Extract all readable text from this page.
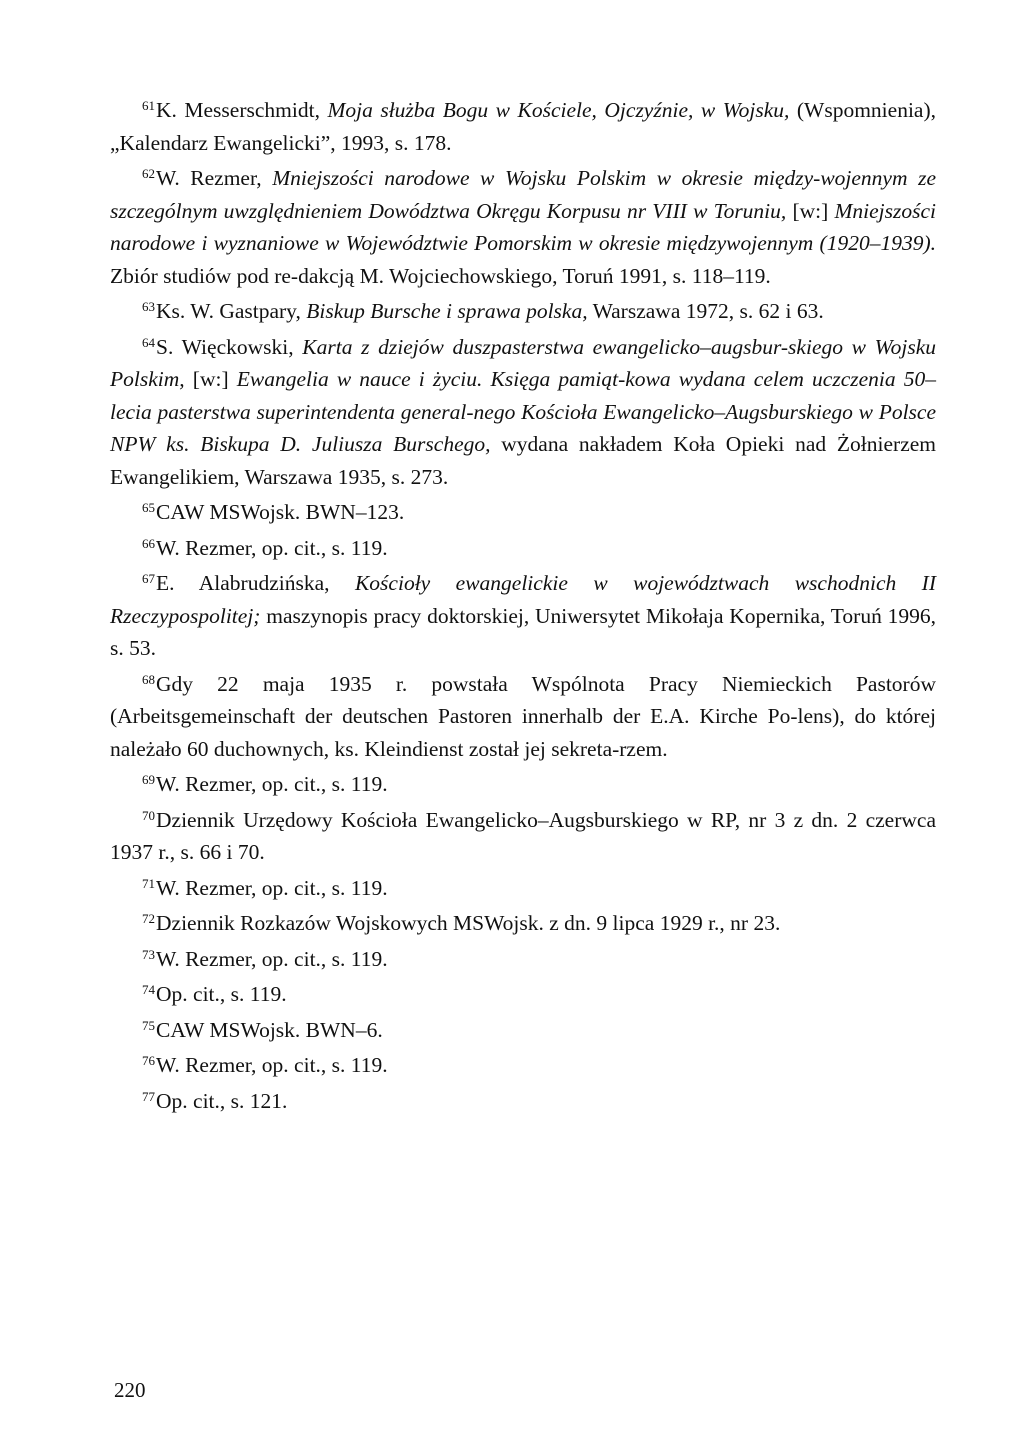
$^{61}$K. Messerschmidt, Moja służba Bogu w Kościele, Ojczyźnie, w Wojsku, (Wspomnienia), „Kalendarz Ewangelicki”, 1993, s. 178.

$^{62}$W. Rezmer, Mniejszości narodowe w Wojsku Polskim w okresie między-wojennym ze szczególnym uwzględnieniem Dowództwa Okręgu Korpusu nr VIII w Toruniu, [w:] Mniejszości narodowe i wyznaniowe w Województwie Pomorskim w okresie międzywojennym (1920–1939). Zbiór studiów pod re-dakcją M. Wojciechowskiego, Toruń 1991, s. 118–119.

$^{63}$Ks. W. Gastpary, Biskup Bursche i sprawa polska, Warszawa 1972, s. 62 i 63.

$^{64}$S. Więckowski, Karta z dziejów duszpasterstwa ewangelicko–augsbur-skiego w Wojsku Polskim, [w:] Ewangelia w nauce i życiu. Księga pamiąt-kowa wydana celem uczczenia 50–lecia pasterstwa superintendenta general-nego Kościoła Ewangelicko–Augsburskiego w Polsce NPW ks. Biskupa D. Juliusza Burschego, wydana nakładem Koła Opieki nad Żołnierzem Ewangelikiem, Warszawa 1935, s. 273.

$^{65}$CAW MSWojsk. BWN–123.

$^{66}$W. Rezmer, op. cit., s. 119.

$^{67}$E. Alabrudzińska, Kościoły ewangelickie w województwach wschodnich II Rzeczypospolitej; maszynopis pracy doktorskiej, Uniwersytet Mikołaja Kopernika, Toruń 1996, s. 53.

$^{68}$Gdy 22 maja 1935 r. powstała Wspólnota Pracy Niemieckich Pastorów (Arbeitsgemeinschaft der deutschen Pastoren innerhalb der E.A. Kirche Po-lens), do której należało 60 duchownych, ks. Kleindienst został jej sekreta-rzem.

$^{69}$W. Rezmer, op. cit., s. 119.

$^{70}$Dziennik Urzędowy Kościoła Ewangelicko–Augsburskiego w RP, nr 3 z dn. 2 czerwca 1937 r., s. 66 i 70.

$^{71}$W. Rezmer, op. cit., s. 119.

$^{72}$Dziennik Rozkazów Wojskowych MSWojsk. z dn. 9 lipca 1929 r., nr 23.

$^{73}$W. Rezmer, op. cit., s. 119.

$^{74}$Op. cit., s. 119.

$^{75}$CAW MSWojsk. BWN–6.

$^{76}$W. Rezmer, op. cit., s. 119.

$^{77}$Op. cit., s. 121.

220
